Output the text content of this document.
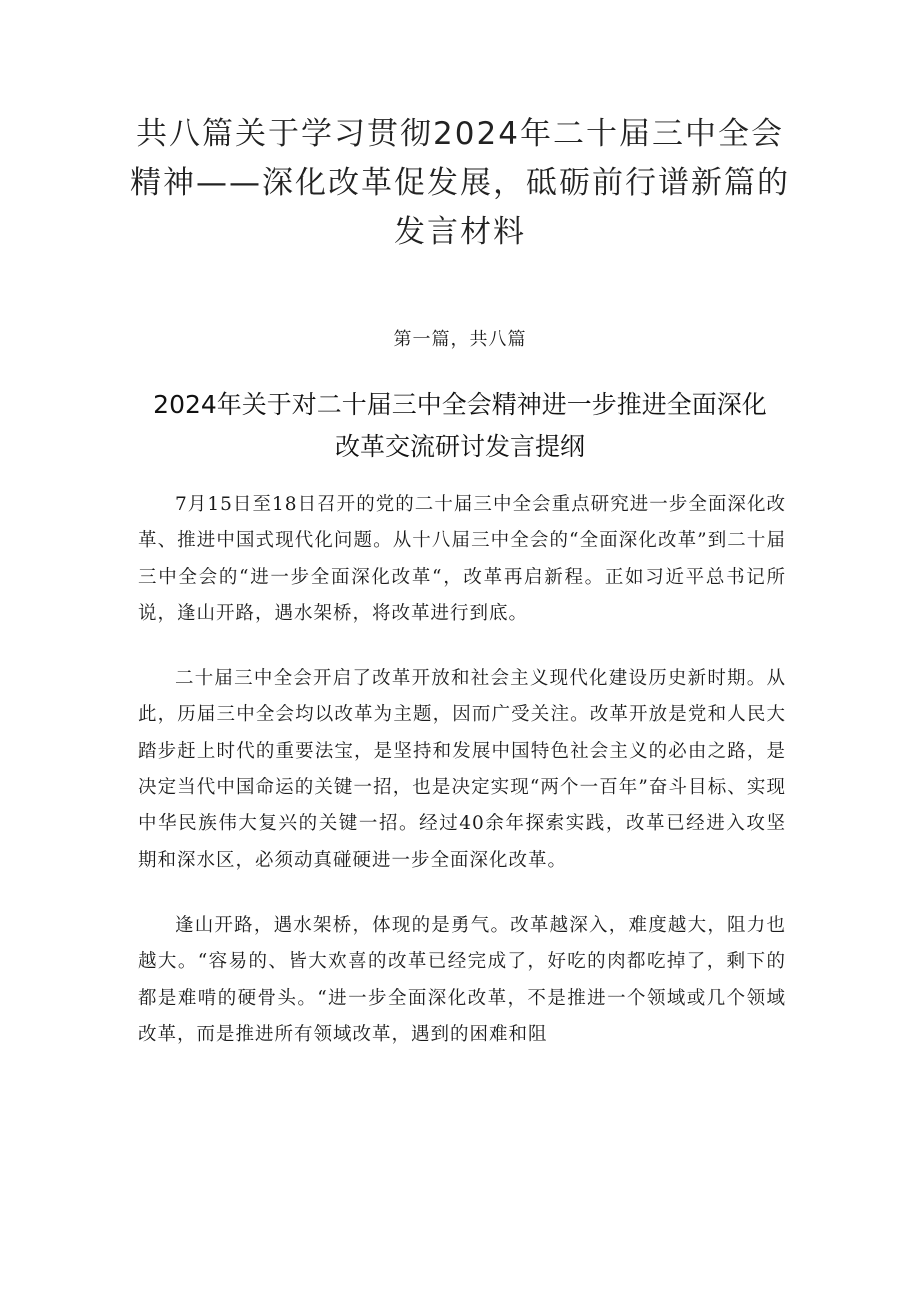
共八篇关于学习贯彻2024年二十届三中全会精神——深化改革促发展，砥砺前行谱新篇的发言材料

第一篇，共八篇

2024年关于对二十届三中全会精神进一步推进全面深化改革交流研讨发言提纲

7月15日至18日召开的党的二十届三中全会重点研究进一步全面深化改革、推进中国式现代化问题。从十八届三中全会的“全面深化改革”到二十届三中全会的“进一步全面深化改革“，改革再启新程。正如习近平总书记所说，逢山开路，遇水架桥，将改革进行到底。

二十届三中全会开启了改革开放和社会主义现代化建设历史新时期。从此，历届三中全会均以改革为主题，因而广受关注。改革开放是党和人民大踏步赶上时代的重要法宝，是坚持和发展中国特色社会主义的必由之路，是决定当代中国命运的关键一招，也是决定实现“两个一百年”奋斗目标、实现中华民族伟大复兴的关键一招。经过40余年探索实践，改革已经进入攻坚期和深水区，必须动真碰硬进一步全面深化改革。

逢山开路，遇水架桥，体现的是勇气。改革越深入，难度越大，阻力也越大。“容易的、皆大欢喜的改革已经完成了，好吃的肉都吃掉了，剩下的都是难啃的硬骨头。“进一步全面深化改革，不是推进一个领域或几个领域改革，而是推进所有领域改革，遇到的困难和阻
